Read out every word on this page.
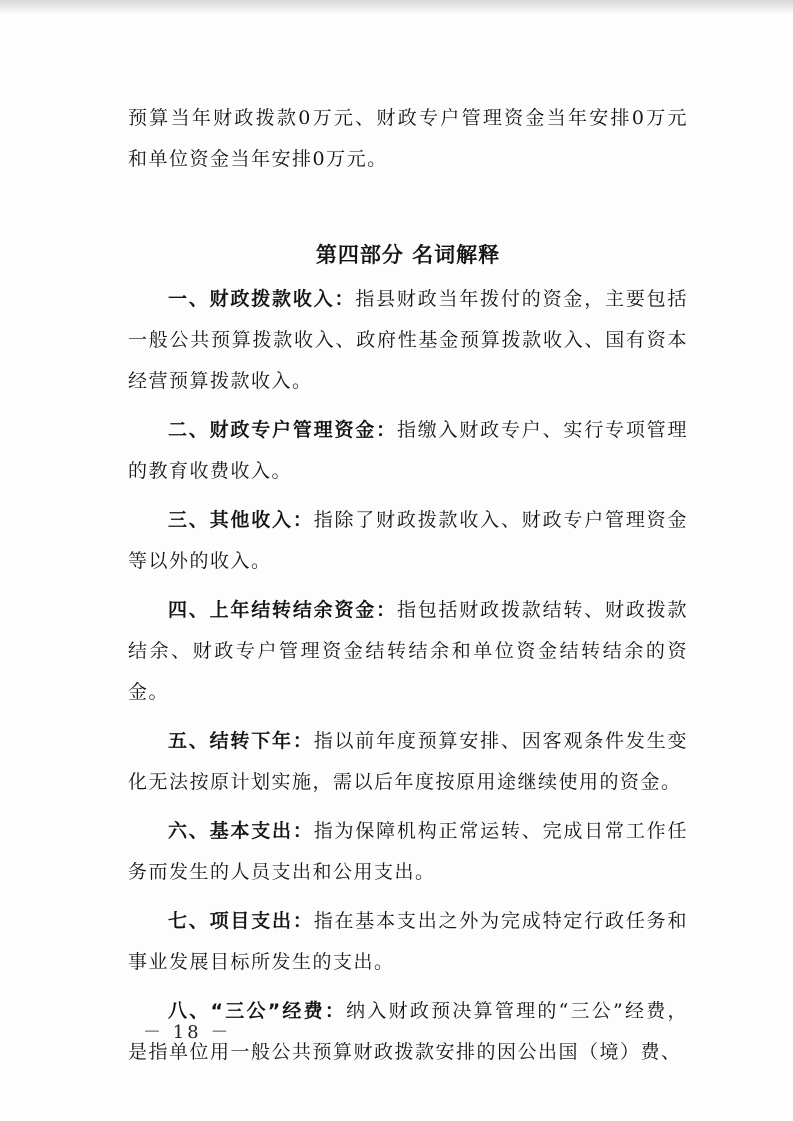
预算当年财政拨款0万元、财政专户管理资金当年安排0万元和单位资金当年安排0万元。

第四部分 名词解释

一、财政拨款收入：指县财政当年拨付的资金，主要包括一般公共预算拨款收入、政府性基金预算拨款收入、国有资本经营预算拨款收入。

二、财政专户管理资金：指缴入财政专户、实行专项管理的教育收费收入。

三、其他收入：指除了财政拨款收入、财政专户管理资金等以外的收入。

四、上年结转结余资金：指包括财政拨款结转、财政拨款结余、财政专户管理资金结转结余和单位资金结转结余的资金。

五、结转下年：指以前年度预算安排、因客观条件发生变化无法按原计划实施，需以后年度按原用途继续使用的资金。

六、基本支出：指为保障机构正常运转、完成日常工作任务而发生的人员支出和公用支出。

七、项目支出：指在基本支出之外为完成特定行政任务和事业发展目标所发生的支出。

八、“三公”经费：纳入财政预决算管理的“三公”经费，是指单位用一般公共预算财政拨款安排的因公出国（境）费、

－ 18 －
